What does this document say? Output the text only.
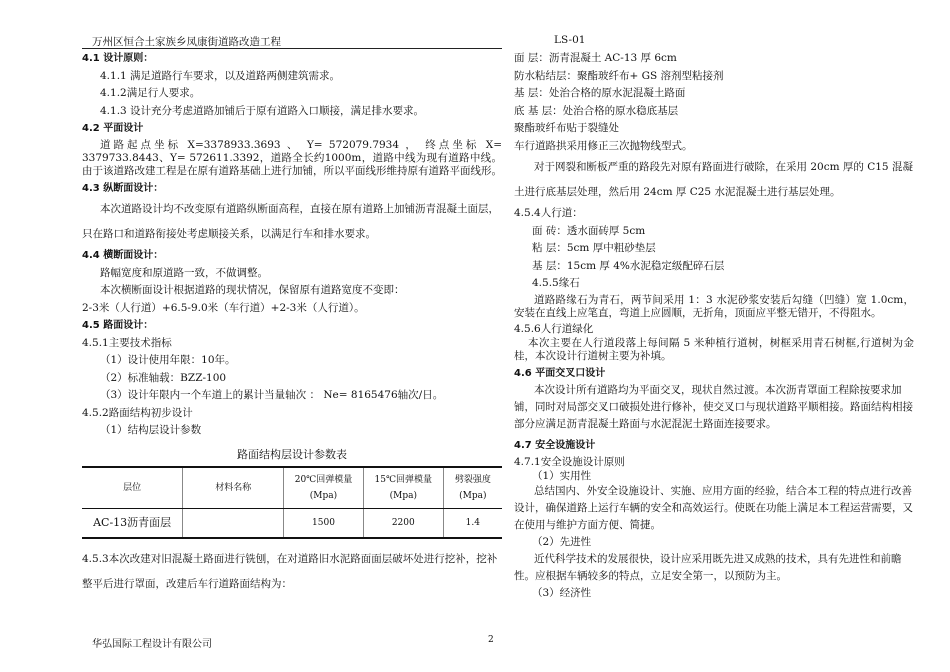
万州区恒合土家族乡凤康街道路改造工程	LS-01

4.1 设计原则：

4.1.1 满足道路行车要求，以及道路两侧建筑需求。

4.1.2满足行人要求。

4.1.3 设计充分考虑道路加铺后于原有道路入口顺接，满足排水要求。

4.2 平面设计

道路起点坐标 X=3378933.3693 、 Y= 572079.7934 ， 终点坐标 X= 3379733.8443、Y= 572611.3392，道路全长约1000m，道路中线为现有道路中线。由于该道路改建工程是在原有道路基础上进行加铺，所以平面线形维持原有道路平面线形。

4.3 纵断面设计：

本次道路设计均不改变原有道路纵断面高程，直接在原有道路上加铺沥青混凝土面层，只在路口和道路衔接处考虑顺接关系，以满足行车和排水要求。

4.4 横断面设计：

路幅宽度和原道路一致，不做调整。

本次横断面设计根据道路的现状情况，保留原有道路宽度不变即：

2-3米（人行道）+6.5-9.0米（车行道）+2-3米（人行道）。

4.5 路面设计：

4.5.1主要技术指标

（1）设计使用年限：10年。

（2）标准轴载：BZZ-100

（3）设计年限内一个车道上的累计当量轴次 ： Ne= 8165476轴次/日。

4.5.2路面结构初步设计

（1）结构层设计参数

路面结构层设计参数表
层位	材料名称	20℃回弹模量(Mpa)	15℃回弹模量(Mpa)	劈裂强度(Mpa)
AC-13沥青面层		1500	2200	1.4

4.5.3本次改建对旧混凝土路面进行铣刨，在对道路旧水泥路面面层破坏处进行挖补，挖补整平后进行罩面，改建后车行道路面结构为：

面 层：沥青混凝土 AC-13 厚 6cm

防水粘结层：聚酯玻纤布+ GS 溶剂型粘接剂

基 层：处治合格的原水泥混凝土路面

底 基 层：处治合格的原水稳底基层

聚酯玻纤布贴于裂缝处

车行道路拱采用修正三次抛物线型式。

对于网裂和断板严重的路段先对原有路面进行破除，在采用 20cm 厚的 C15 混凝土进行底基层处理，然后用 24cm 厚 C25 水泥混凝土进行基层处理。

4.5.4人行道：

面 砖：透水面砖厚 5cm

粘 层：5cm 厚中粗砂垫层

基 层：15cm 厚 4%水泥稳定级配碎石层

4.5.5缘石

道路路缘石为青石，两节间采用 1：3 水泥砂浆安装后勾缝（凹缝）宽 1.0cm，安装在直线上应笔直，弯道上应圆顺，无折角，顶面应平整无错开，不得阻水。

4.5.6人行道绿化

本次主要在人行道段落上每间隔 5 米种植行道树，树框采用青石树框,行道树为金桂，本次设计行道树主要为补填。

4.6 平面交叉口设计

本次设计所有道路均为平面交叉，现状自然过渡。本次沥青罩面工程除按要求加铺，同时对局部交叉口破损处进行修补，使交叉口与现状道路平顺相接。路面结构相接部分应满足沥青混凝土路面与水泥混泥土路面连接要求。

4.7 安全设施设计

4.7.1安全设施设计原则

（1）实用性

总结国内、外安全设施设计、实施、应用方面的经验，结合本工程的特点进行改善设计，确保道路上运行车辆的安全和高效运行。使既在功能上满足本工程运营需要，又在使用与维护方面方便、简捷。

（2）先进性

近代科学技术的发展很快，设计应采用既先进又成熟的技术，具有先进性和前瞻性。应根据车辆较多的特点，立足安全第一，以预防为主。

（3）经济性

华弘国际工程设计有限公司	2
